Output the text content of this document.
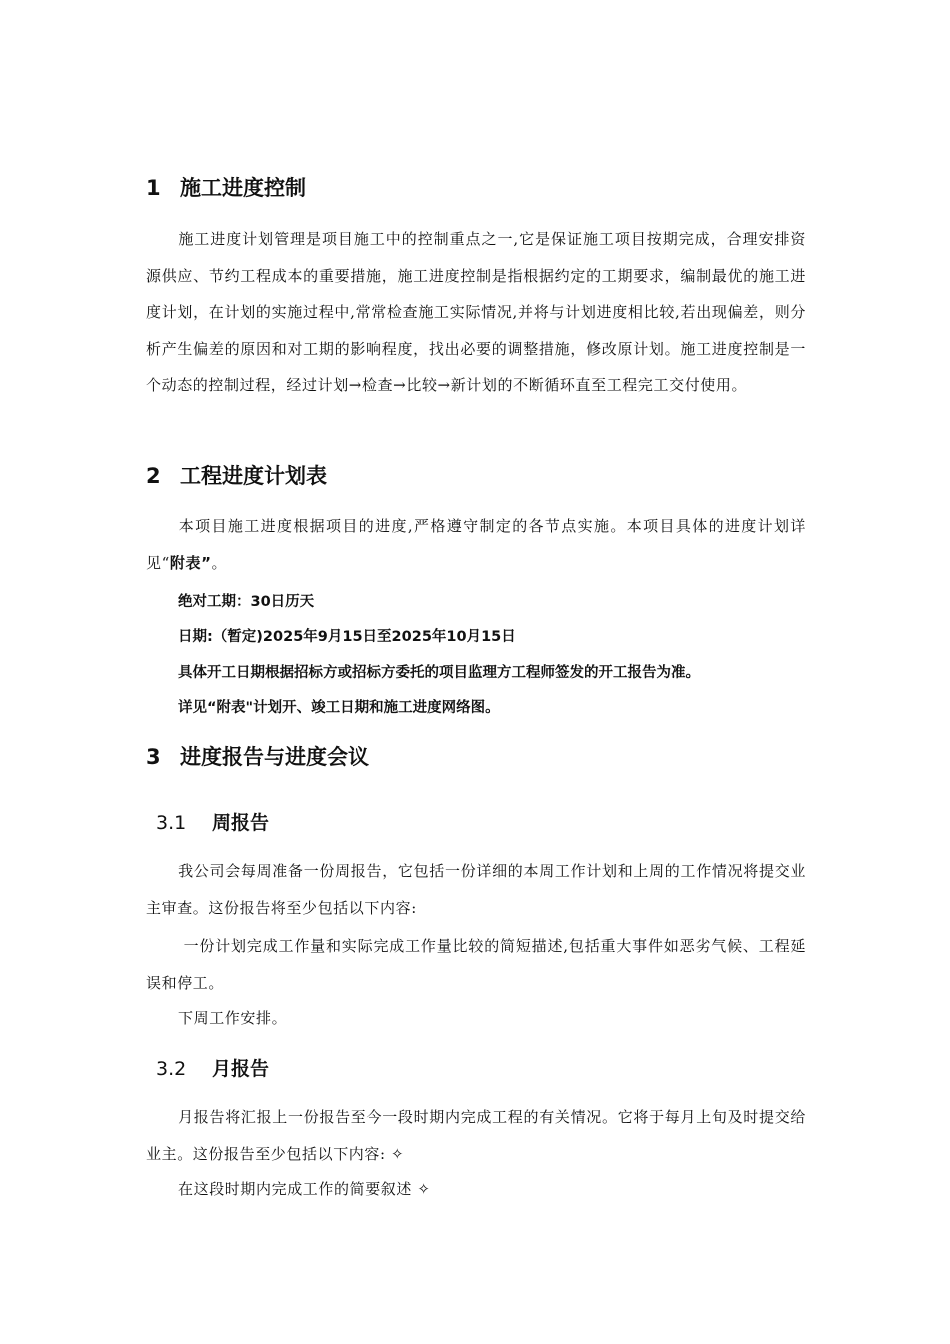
1 施工进度控制

施工进度计划管理是项目施工中的控制重点之一,它是保证施工项目按期完成，合理安排资源供应、节约工程成本的重要措施，施工进度控制是指根据约定的工期要求，编制最优的施工进度计划，在计划的实施过程中,常常检查施工实际情况,并将与计划进度相比较,若出现偏差，则分析产生偏差的原因和对工期的影响程度，找出必要的调整措施，修改原计划。施工进度控制是一个动态的控制过程，经过计划→检查→比较→新计划的不断循环直至工程完工交付使用。

2 工程进度计划表

本项目施工进度根据项目的进度,严格遵守制定的各节点实施。本项目具体的进度计划详见“附表”。

绝对工期：30日历天

日期:（暂定)2025年9月15日至2025年10月15日

具体开工日期根据招标方或招标方委托的项目监理方工程师签发的开工报告为准。

详见“附表"计划开、竣工日期和施工进度网络图。

3 进度报告与进度会议
3.1 周报告

我公司会每周准备一份周报告，它包括一份详细的本周工作计划和上周的工作情况将提交业主审查。这份报告将至少包括以下内容:

一份计划完成工作量和实际完成工作量比较的简短描述,包括重大事件如恶劣气候、工程延误和停工。

下周工作安排。

3.2 月报告

月报告将汇报上一份报告至今一段时期内完成工程的有关情况。它将于每月上旬及时提交给业主。这份报告至少包括以下内容: ✧

在这段时期内完成工作的简要叙述 ✧
